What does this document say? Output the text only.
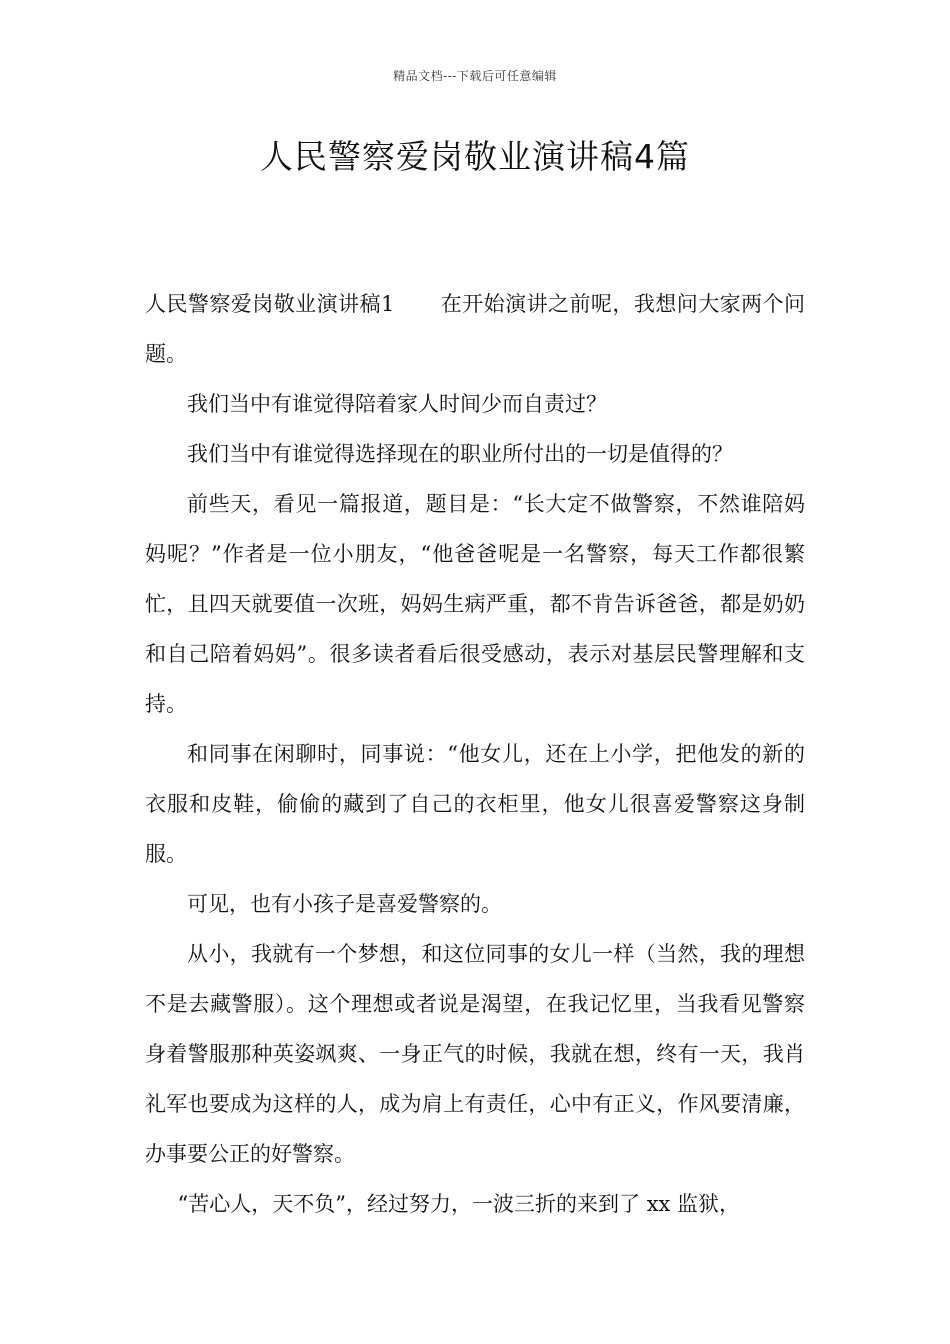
精品文档---下载后可任意编辑
人民警察爱岗敬业演讲稿4篇

人民警察爱岗敬业演讲稿1 在开始演讲之前呢，我想问大家两个问题。

我们当中有谁觉得陪着家人时间少而自责过？

我们当中有谁觉得选择现在的职业所付出的一切是值得的？

前些天，看见一篇报道，题目是：“长大定不做警察，不然谁陪妈妈呢？”作者是一位小朋友，“他爸爸呢是一名警察，每天工作都很繁忙，且四天就要值一次班，妈妈生病严重，都不肯告诉爸爸，都是奶奶和自己陪着妈妈”。很多读者看后很受感动，表示对基层民警理解和支持。

和同事在闲聊时，同事说：“他女儿，还在上小学，把他发的新的衣服和皮鞋，偷偷的藏到了自己的衣柜里，他女儿很喜爱警察这身制服。

可见，也有小孩子是喜爱警察的。

从小，我就有一个梦想，和这位同事的女儿一样（当然，我的理想不是去藏警服）。这个理想或者说是渴望，在我记忆里，当我看见警察身着警服那种英姿飒爽、一身正气的时候，我就在想，终有一天，我肖礼军也要成为这样的人，成为肩上有责任，心中有正义，作风要清廉，办事要公正的好警察。

“苦心人，天不负”，经过努力，一波三折的来到了 xx 监狱，
